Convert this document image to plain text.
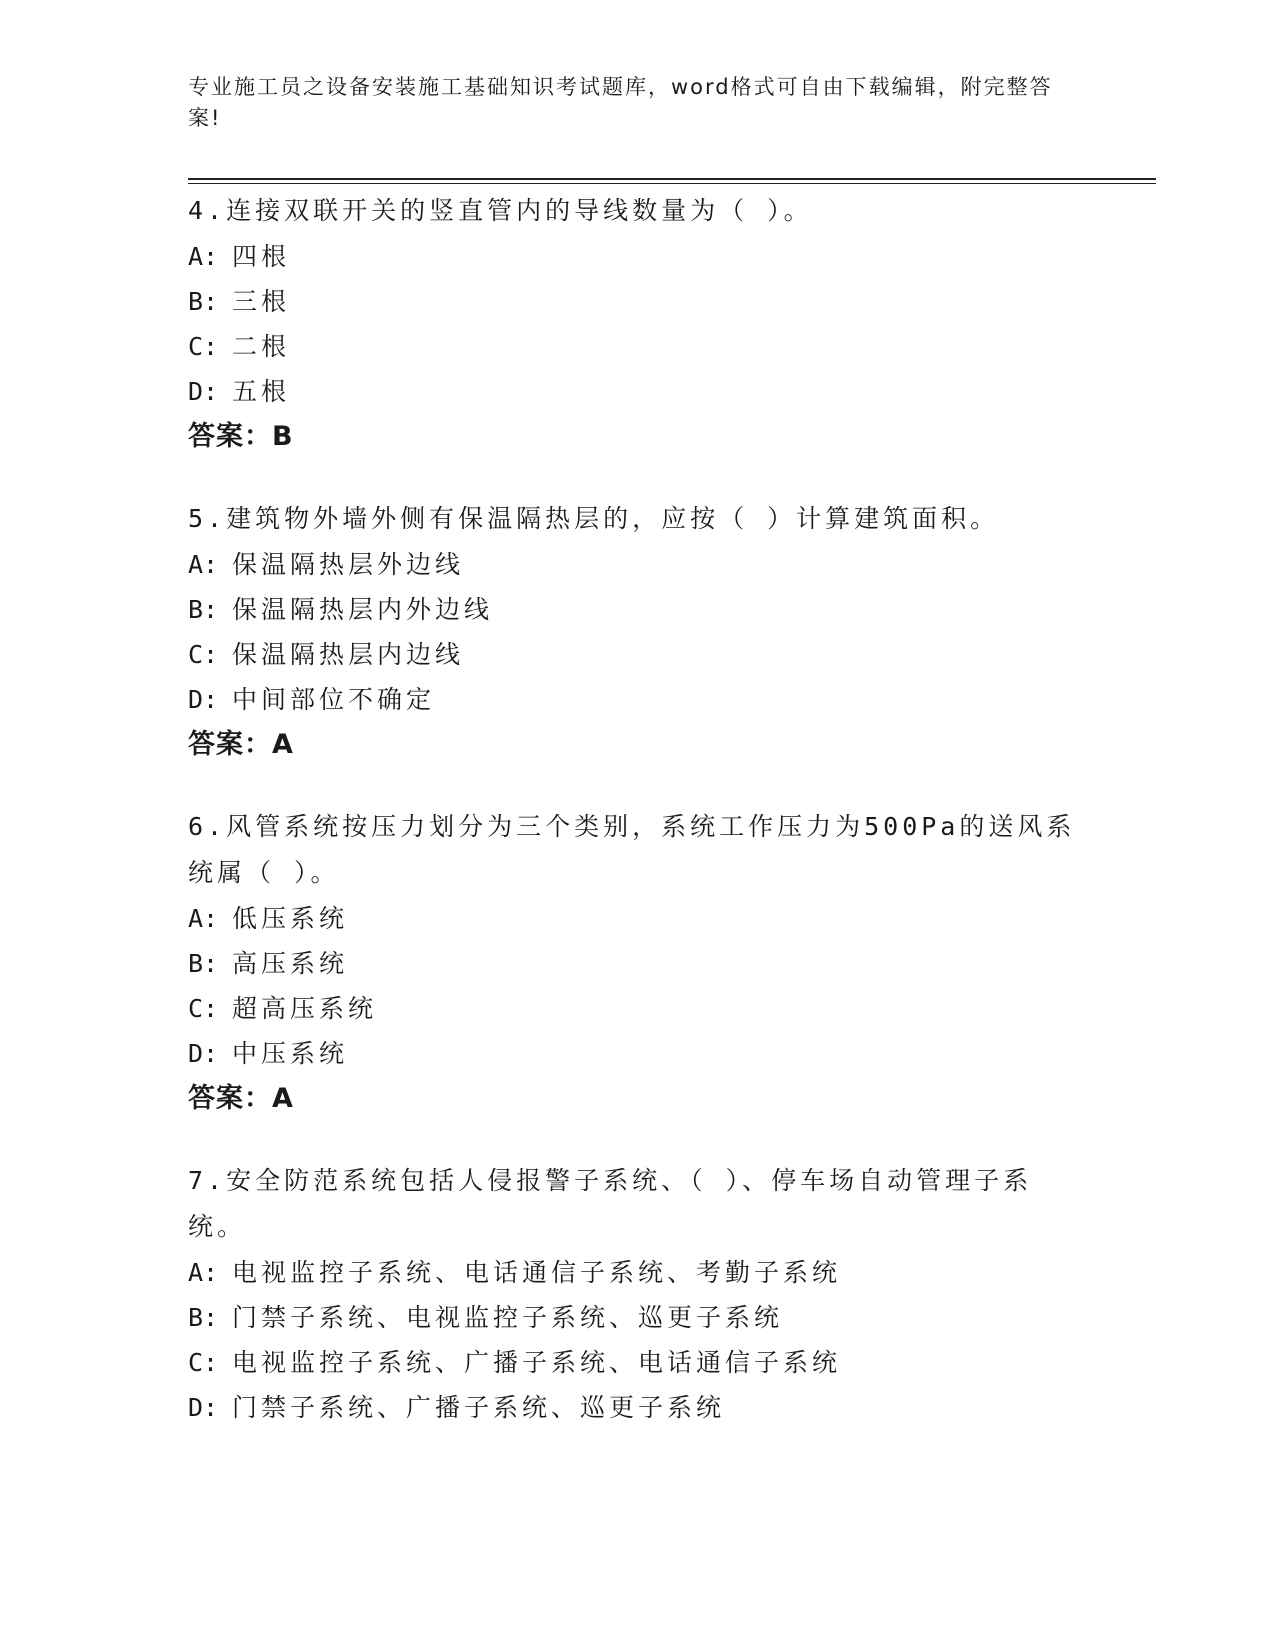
专业施工员之设备安装施工基础知识考试题库，word格式可自由下载编辑，附完整答案!
4.连接双联开关的竖直管内的导线数量为（ ）。
A: 四根
B: 三根
C: 二根
D: 五根
答案：B
5.建筑物外墙外侧有保温隔热层的，应按（ ）计算建筑面积。
A: 保温隔热层外边线
B: 保温隔热层内外边线
C: 保温隔热层内边线
D: 中间部位不确定
答案：A
6.风管系统按压力划分为三个类别，系统工作压力为500Pa的送风系统属（ ）。
A: 低压系统
B: 高压系统
C: 超高压系统
D: 中压系统
答案：A
7.安全防范系统包括人侵报警子系统、（ ）、停车场自动管理子系统。
A: 电视监控子系统、电话通信子系统、考勤子系统
B: 门禁子系统、电视监控子系统、巡更子系统
C: 电视监控子系统、广播子系统、电话通信子系统
D: 门禁子系统、广播子系统、巡更子系统
